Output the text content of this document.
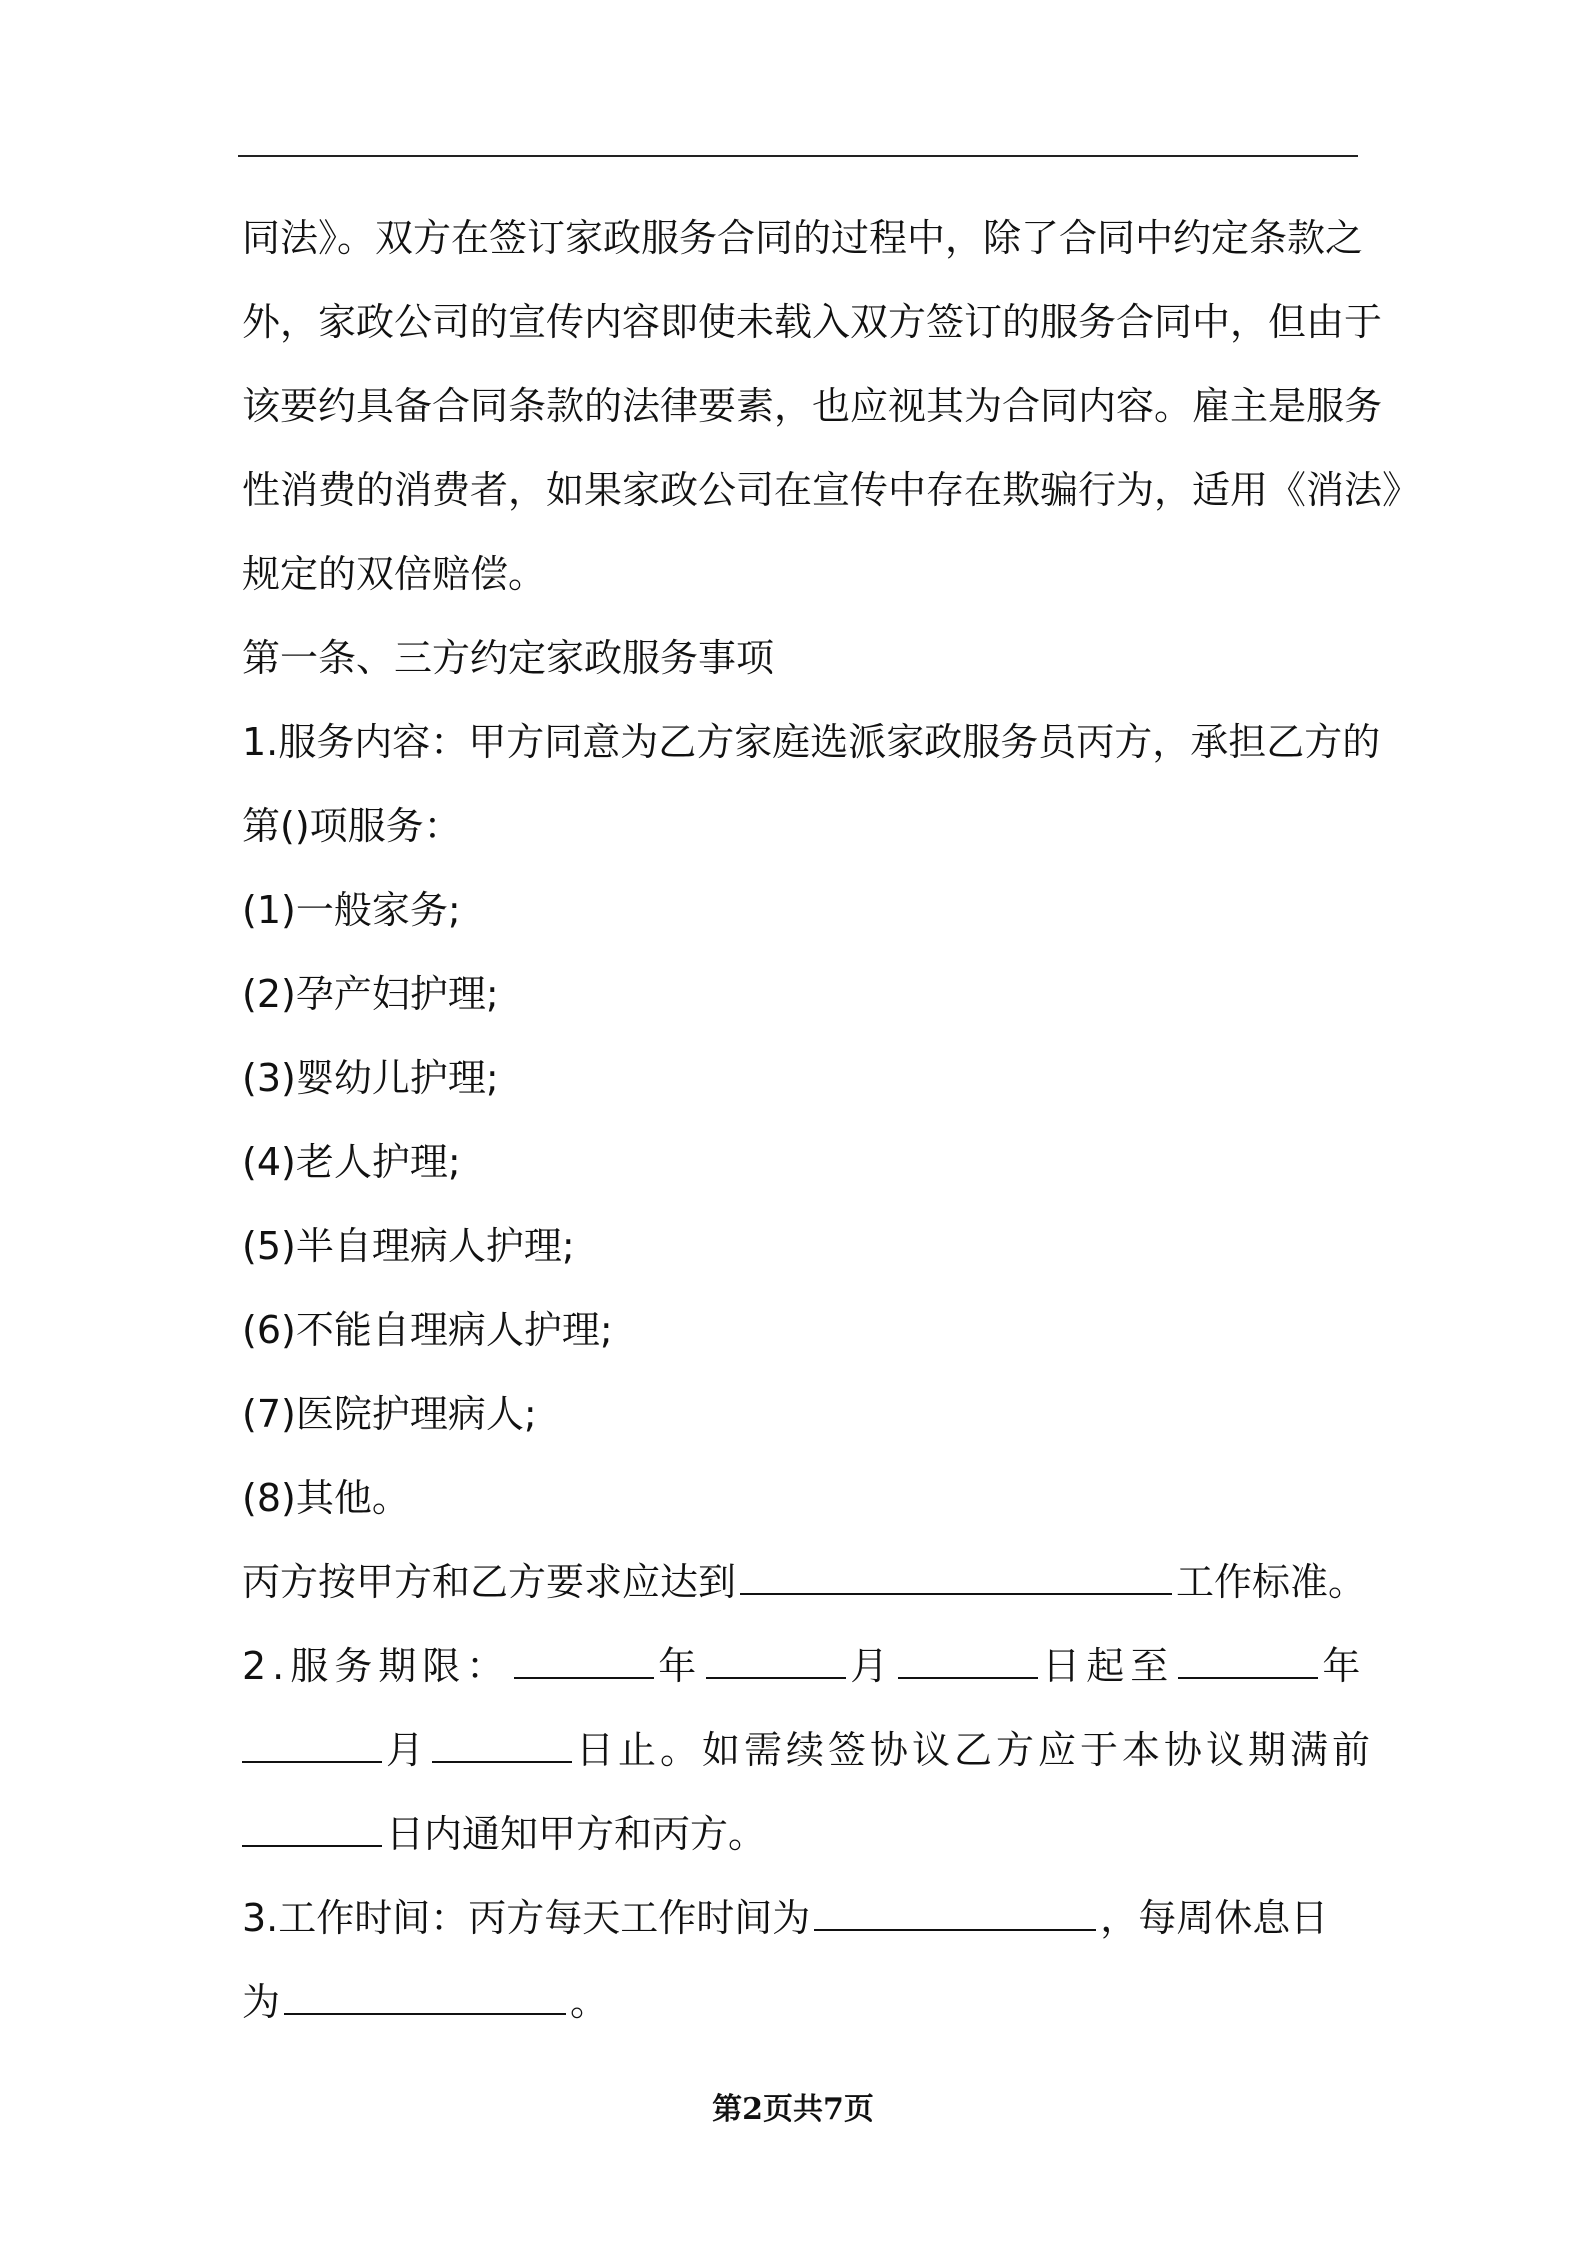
同法》。双方在签订家政服务合同的过程中，除了合同中约定条款之
外，家政公司的宣传内容即使未载入双方签订的服务合同中，但由于
该要约具备合同条款的法律要素，也应视其为合同内容。雇主是服务
性消费的消费者，如果家政公司在宣传中存在欺骗行为，适用《消法》
规定的双倍赔偿。
第一条、三方约定家政服务事项
1.服务内容：甲方同意为乙方家庭选派家政服务员丙方，承担乙方的
第()项服务：
(1)一般家务;
(2)孕产妇护理;
(3)婴幼儿护理;
(4)老人护理;
(5)半自理病人护理;
(6)不能自理病人护理;
(7)医院护理病人;
(8)其他。
丙方按甲方和乙方要求应达到	工作标准。
2.服务期限：	年	月	日起至	年
月	日止。如需续签协议乙方应于本协议期满前
日内通知甲方和丙方。
3.工作时间：丙方每天工作时间为	，每周休息日
为	。
第2页共7页
